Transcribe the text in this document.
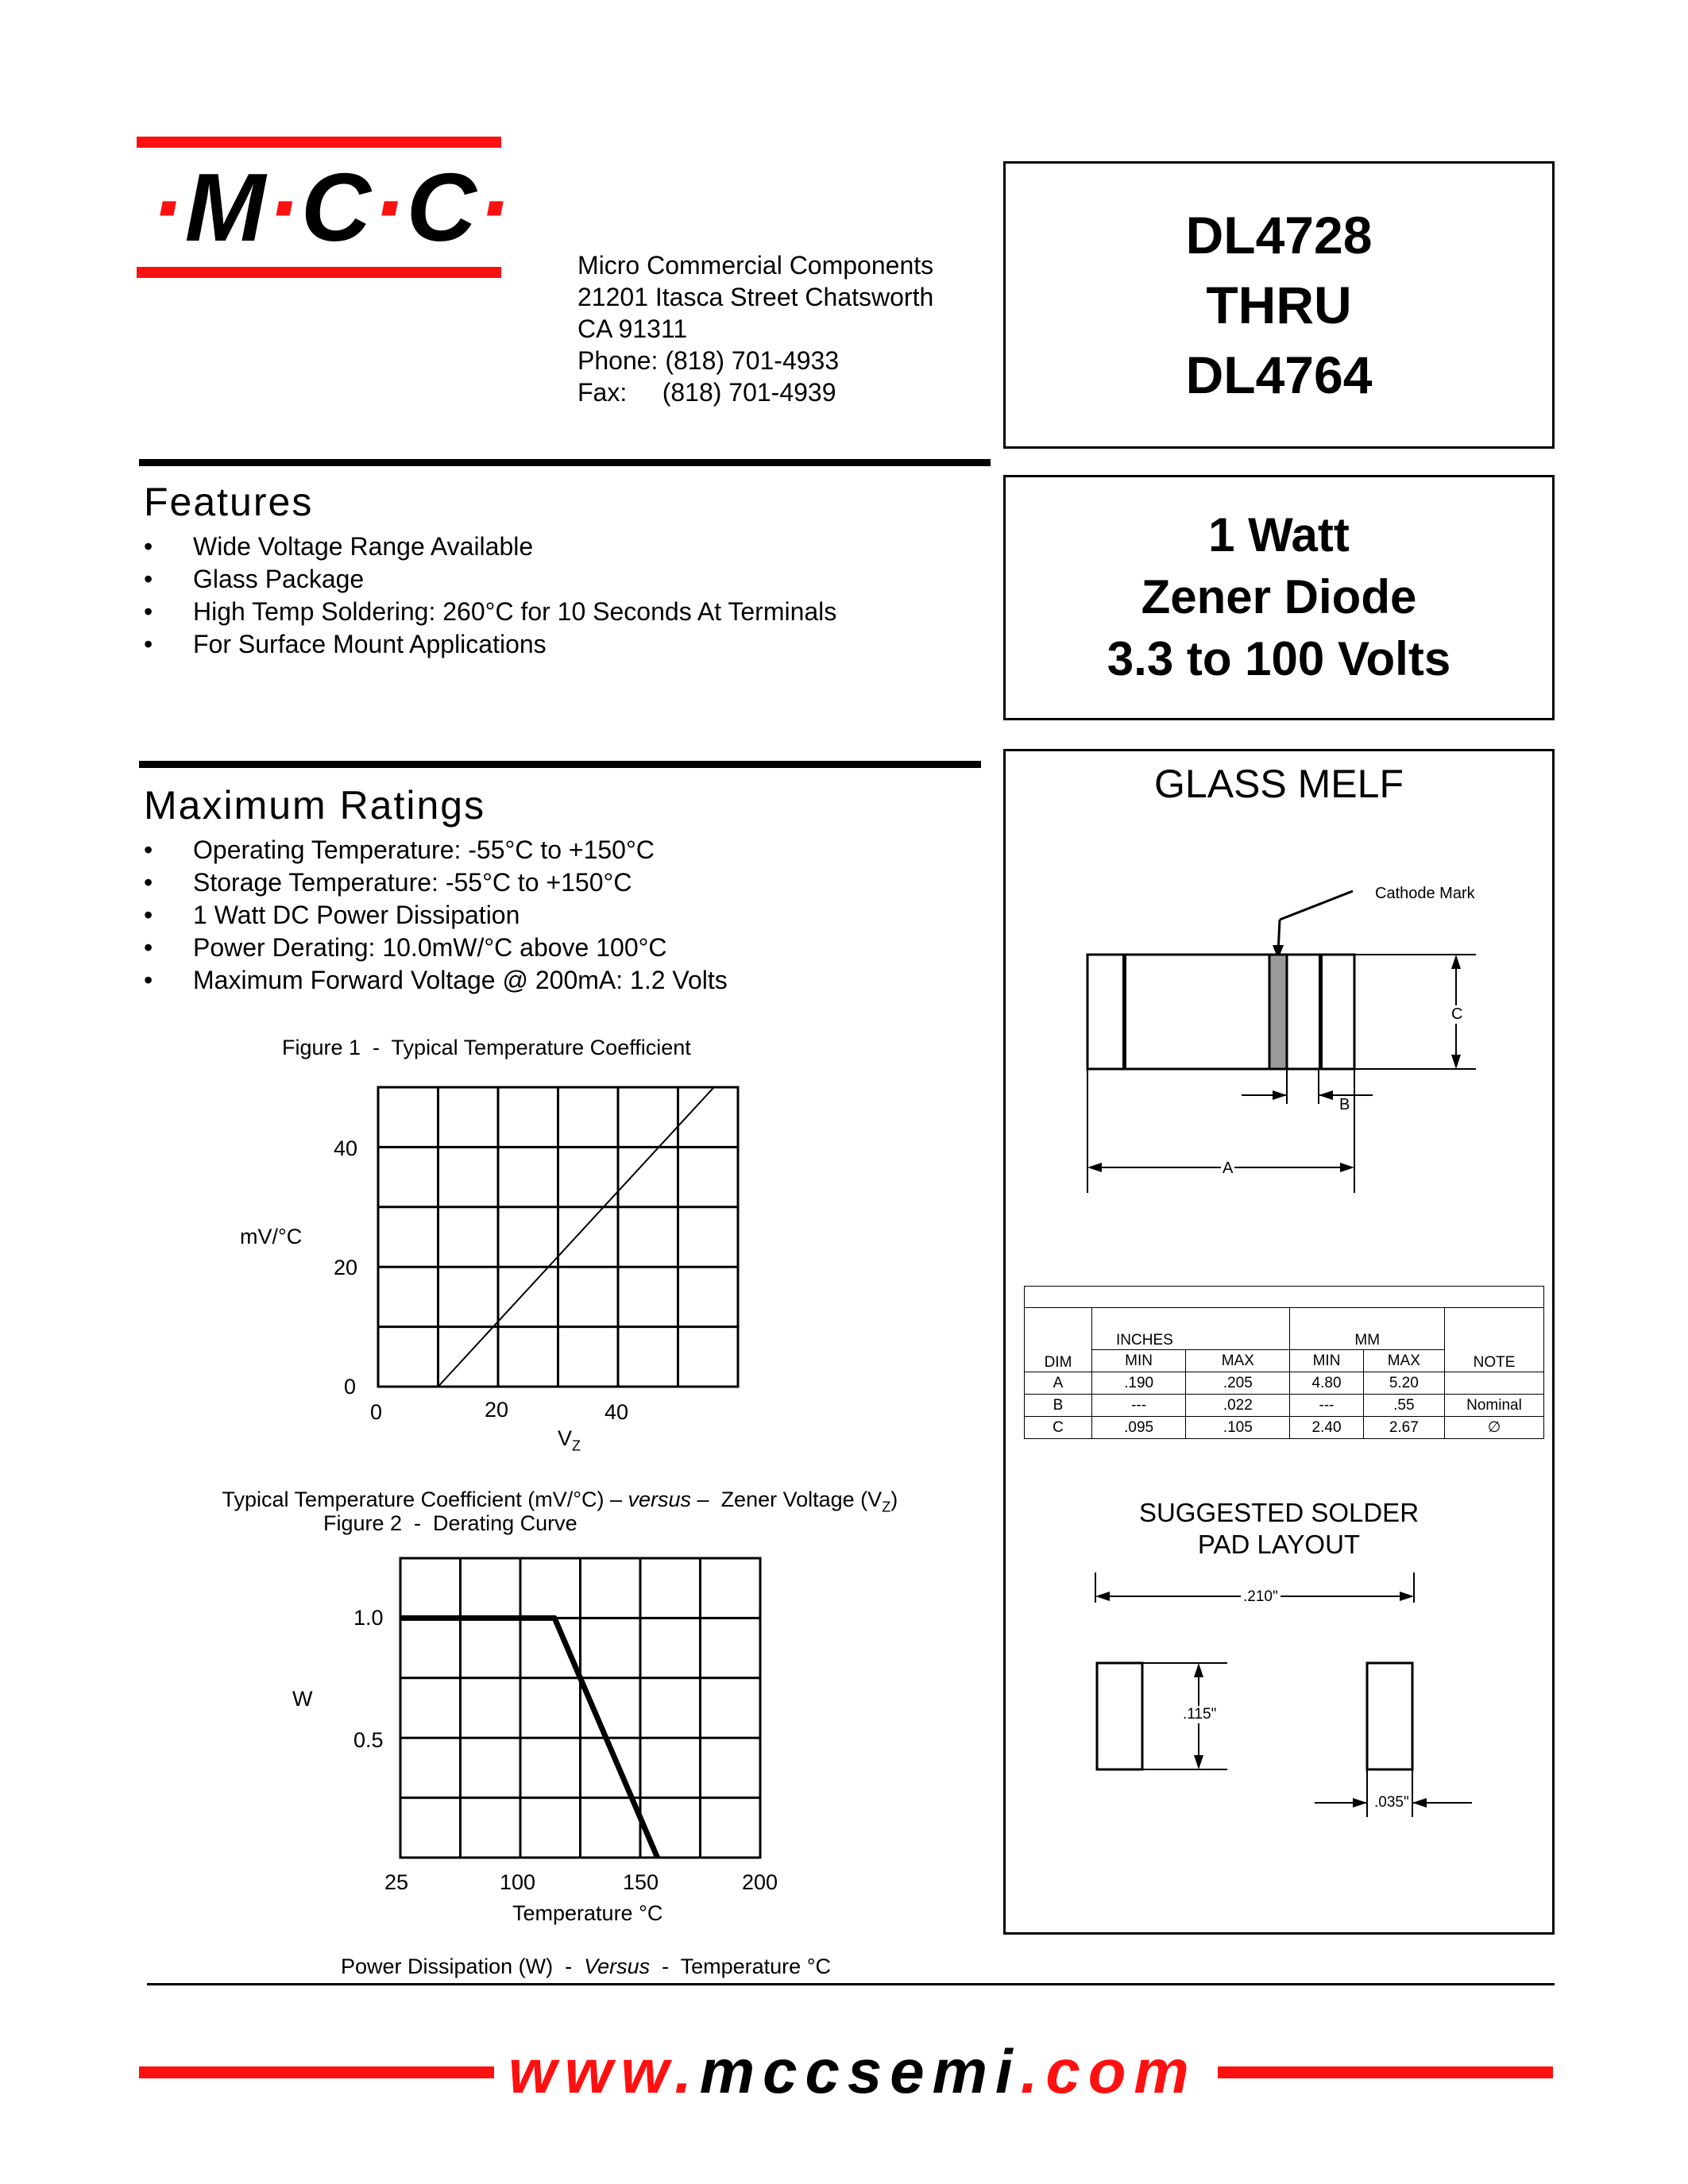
·M·C·C·
Micro Commercial Components
21201 Itasca Street Chatsworth
CA 91311
Phone: (818) 701-4933
Fax:     (818) 701-4939
DL4728
THRU
DL4764
1 Watt
Zener Diode
3.3 to 100 Volts
Features
• Wide Voltage Range Available
• Glass Package
• High Temp Soldering: 260°C for 10 Seconds At Terminals
• For Surface Mount Applications
Maximum Ratings
• Operating Temperature: -55°C to +150°C
• Storage Temperature: -55°C to +150°C
• 1 Watt DC Power Dissipation
• Power Derating: 10.0mW/°C above 100°C
• Maximum Forward Voltage @ 200mA: 1.2 Volts
Figure 1  -  Typical Temperature Coefficient
mV/°C
40
20
0
0	20	40
$V_Z$

Typical Temperature Coefficient (mV/°C) – versus –  Zener Voltage $(V_Z)$

Figure 2  -  Derating Curve
W
1.0
0.5
25	100	150	200
Temperature °C

Power Dissipation (W)  -  Versus  -  Temperature °C

GLASS MELF
Cathode Mark
C
B
A

DIM	INCHES		MM		NOTE
	MIN	MAX	MIN	MAX	
A	.190	.205	4.80	5.20	
B	---	.022	---	.55	Nominal
C	.095	.105	2.40	2.67	∅
SUGGESTED SOLDER
PAD LAYOUT
.210"
.115"
.035"
www.mccsemi.com
